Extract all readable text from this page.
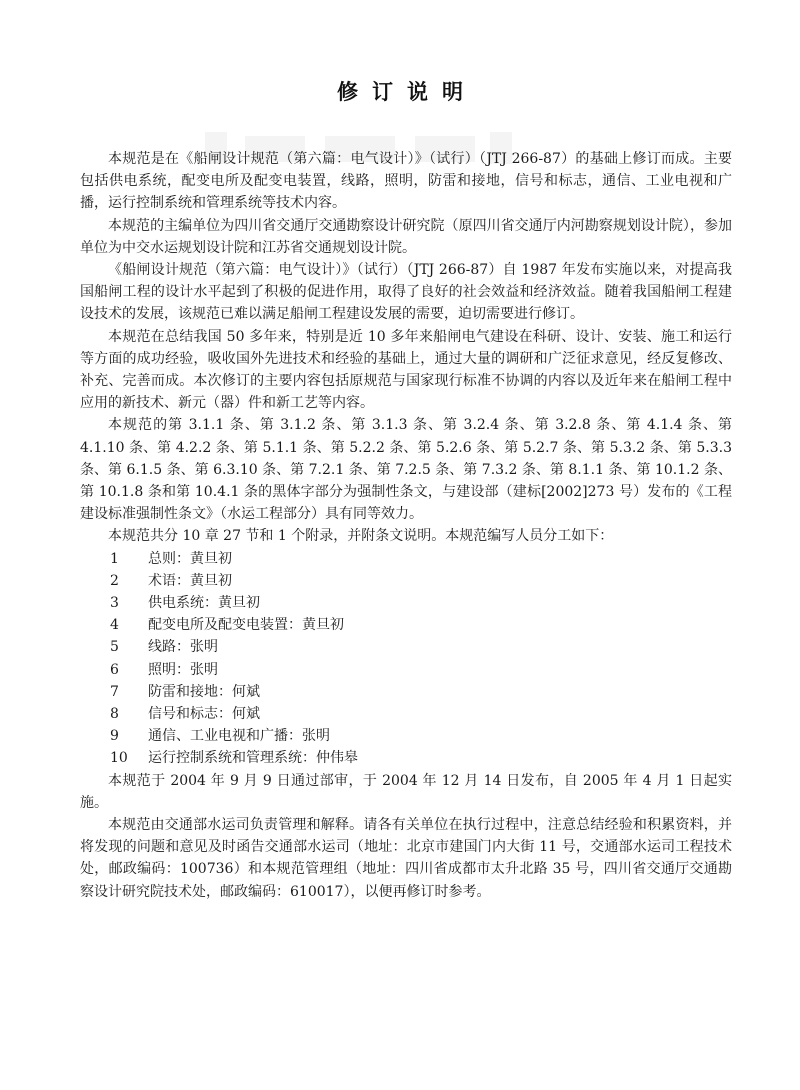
修订说明

本规范是在《船闸设计规范（第六篇：电气设计）》（试行）（JTJ 266-87）的基础上修订而成。主要包括供电系统，配变电所及配变电装置，线路，照明，防雷和接地，信号和标志，通信、工业电视和广播，运行控制系统和管理系统等技术内容。

本规范的主编单位为四川省交通厅交通勘察设计研究院（原四川省交通厅内河勘察规划设计院），参加单位为中交水运规划设计院和江苏省交通规划设计院。

《船闸设计规范（第六篇：电气设计）》（试行）（JTJ 266-87）自 1987 年发布实施以来，对提高我国船闸工程的设计水平起到了积极的促进作用，取得了良好的社会效益和经济效益。随着我国船闸工程建设技术的发展，该规范已难以满足船闸工程建设发展的需要，迫切需要进行修订。

本规范在总结我国 50 多年来，特别是近 10 多年来船闸电气建设在科研、设计、安装、施工和运行等方面的成功经验，吸收国外先进技术和经验的基础上，通过大量的调研和广泛征求意见，经反复修改、补充、完善而成。本次修订的主要内容包括原规范与国家现行标准不协调的内容以及近年来在船闸工程中应用的新技术、新元（器）件和新工艺等内容。

本规范的第 3.1.1 条、第 3.1.2 条、第 3.1.3 条、第 3.2.4 条、第 3.2.8 条、第 4.1.4 条、第 4.1.10 条、第 4.2.2 条、第 5.1.1 条、第 5.2.2 条、第 5.2.6 条、第 5.2.7 条、第 5.3.2 条、第 5.3.3 条、第 6.1.5 条、第 6.3.10 条、第 7.2.1 条、第 7.2.5 条、第 7.3.2 条、第 8.1.1 条、第 10.1.2 条、第 10.1.8 条和第 10.4.1 条的黑体字部分为强制性条文，与建设部（建标[2002]273 号）发布的《工程建设标准强制性条文》（水运工程部分）具有同等效力。

本规范共分 10 章 27 节和 1 个附录，并附条文说明。本规范编写人员分工如下：

1	总则：黄旦初
2	术语：黄旦初
3	供电系统：黄旦初
4	配变电所及配变电装置：黄旦初
5	线路：张明
6	照明：张明
7	防雷和接地：何斌
8	信号和标志：何斌
9	通信、工业电视和广播：张明
10	运行控制系统和管理系统：仲伟皋

本规范于 2004 年 9 月 9 日通过部审，于 2004 年 12 月 14 日发布，自 2005 年 4 月 1 日起实施。

本规范由交通部水运司负责管理和解释。请各有关单位在执行过程中，注意总结经验和积累资料，并将发现的问题和意见及时函告交通部水运司（地址：北京市建国门内大街 11 号，交通部水运司工程技术处，邮政编码：100736）和本规范管理组（地址：四川省成都市太升北路 35 号，四川省交通厅交通勘察设计研究院技术处，邮政编码：610017），以便再修订时参考。
